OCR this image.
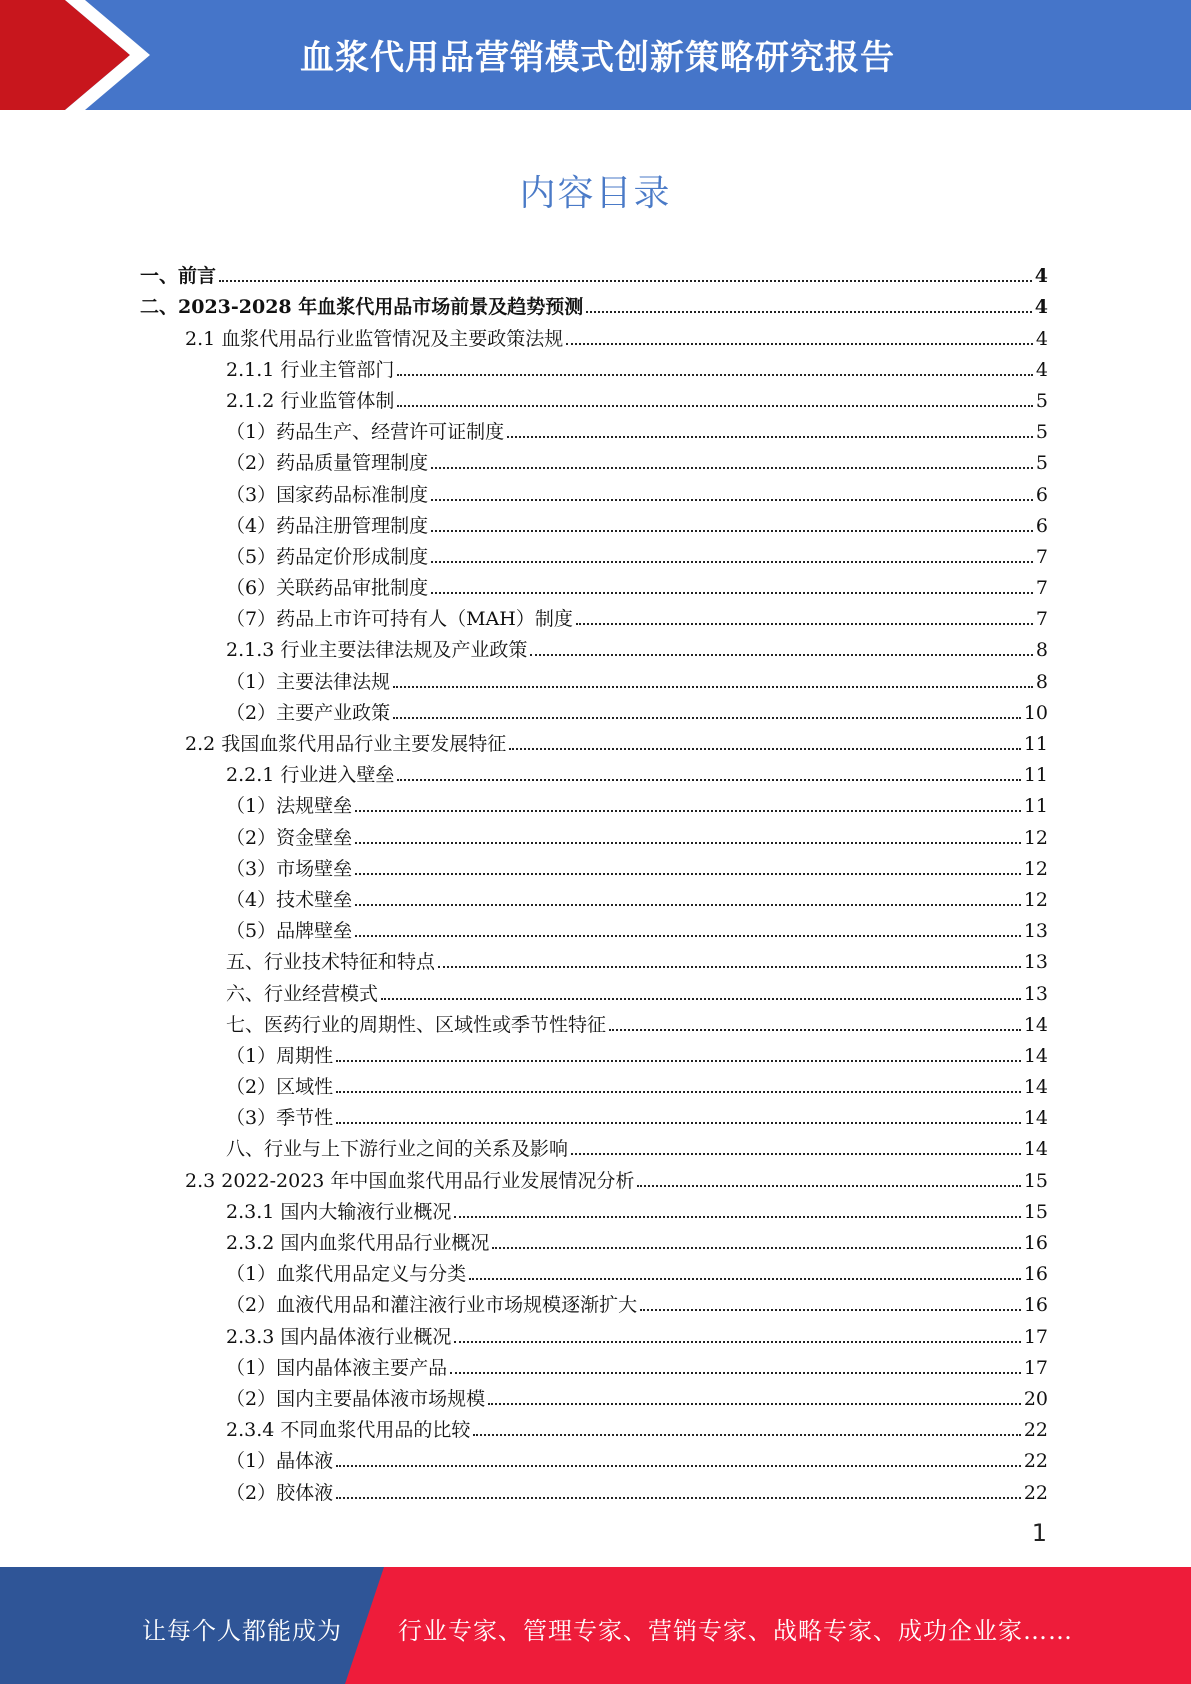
血浆代用品营销模式创新策略研究报告
内容目录
一、前言	4
二、2023-2028 年血浆代用品市场前景及趋势预测	4
2.1 血浆代用品行业监管情况及主要政策法规	4
2.1.1 行业主管部门	4
2.1.2 行业监管体制	5
（1）药品生产、经营许可证制度	5
（2）药品质量管理制度	5
（3）国家药品标准制度	6
（4）药品注册管理制度	6
（5）药品定价形成制度	7
（6）关联药品审批制度	7
（7）药品上市许可持有人（MAH）制度	7
2.1.3 行业主要法律法规及产业政策	8
（1）主要法律法规	8
（2）主要产业政策	10
2.2 我国血浆代用品行业主要发展特征	11
2.2.1 行业进入壁垒	11
（1）法规壁垒	11
（2）资金壁垒	12
（3）市场壁垒	12
（4）技术壁垒	12
（5）品牌壁垒	13
五、行业技术特征和特点	13
六、行业经营模式	13
七、医药行业的周期性、区域性或季节性特征	14
（1）周期性	14
（2）区域性	14
（3）季节性	14
八、行业与上下游行业之间的关系及影响	14
2.3 2022-2023 年中国血浆代用品行业发展情况分析	15
2.3.1 国内大输液行业概况	15
2.3.2 国内血浆代用品行业概况	16
（1）血浆代用品定义与分类	16
（2）血液代用品和灌注液行业市场规模逐渐扩大	16
2.3.3 国内晶体液行业概况	17
（1）国内晶体液主要产品	17
（2）国内主要晶体液市场规模	20
2.3.4 不同血浆代用品的比较	22
（1）晶体液	22
（2）胶体液	22
1
让每个人都能成为 行业专家、管理专家、营销专家、战略专家、成功企业家……
